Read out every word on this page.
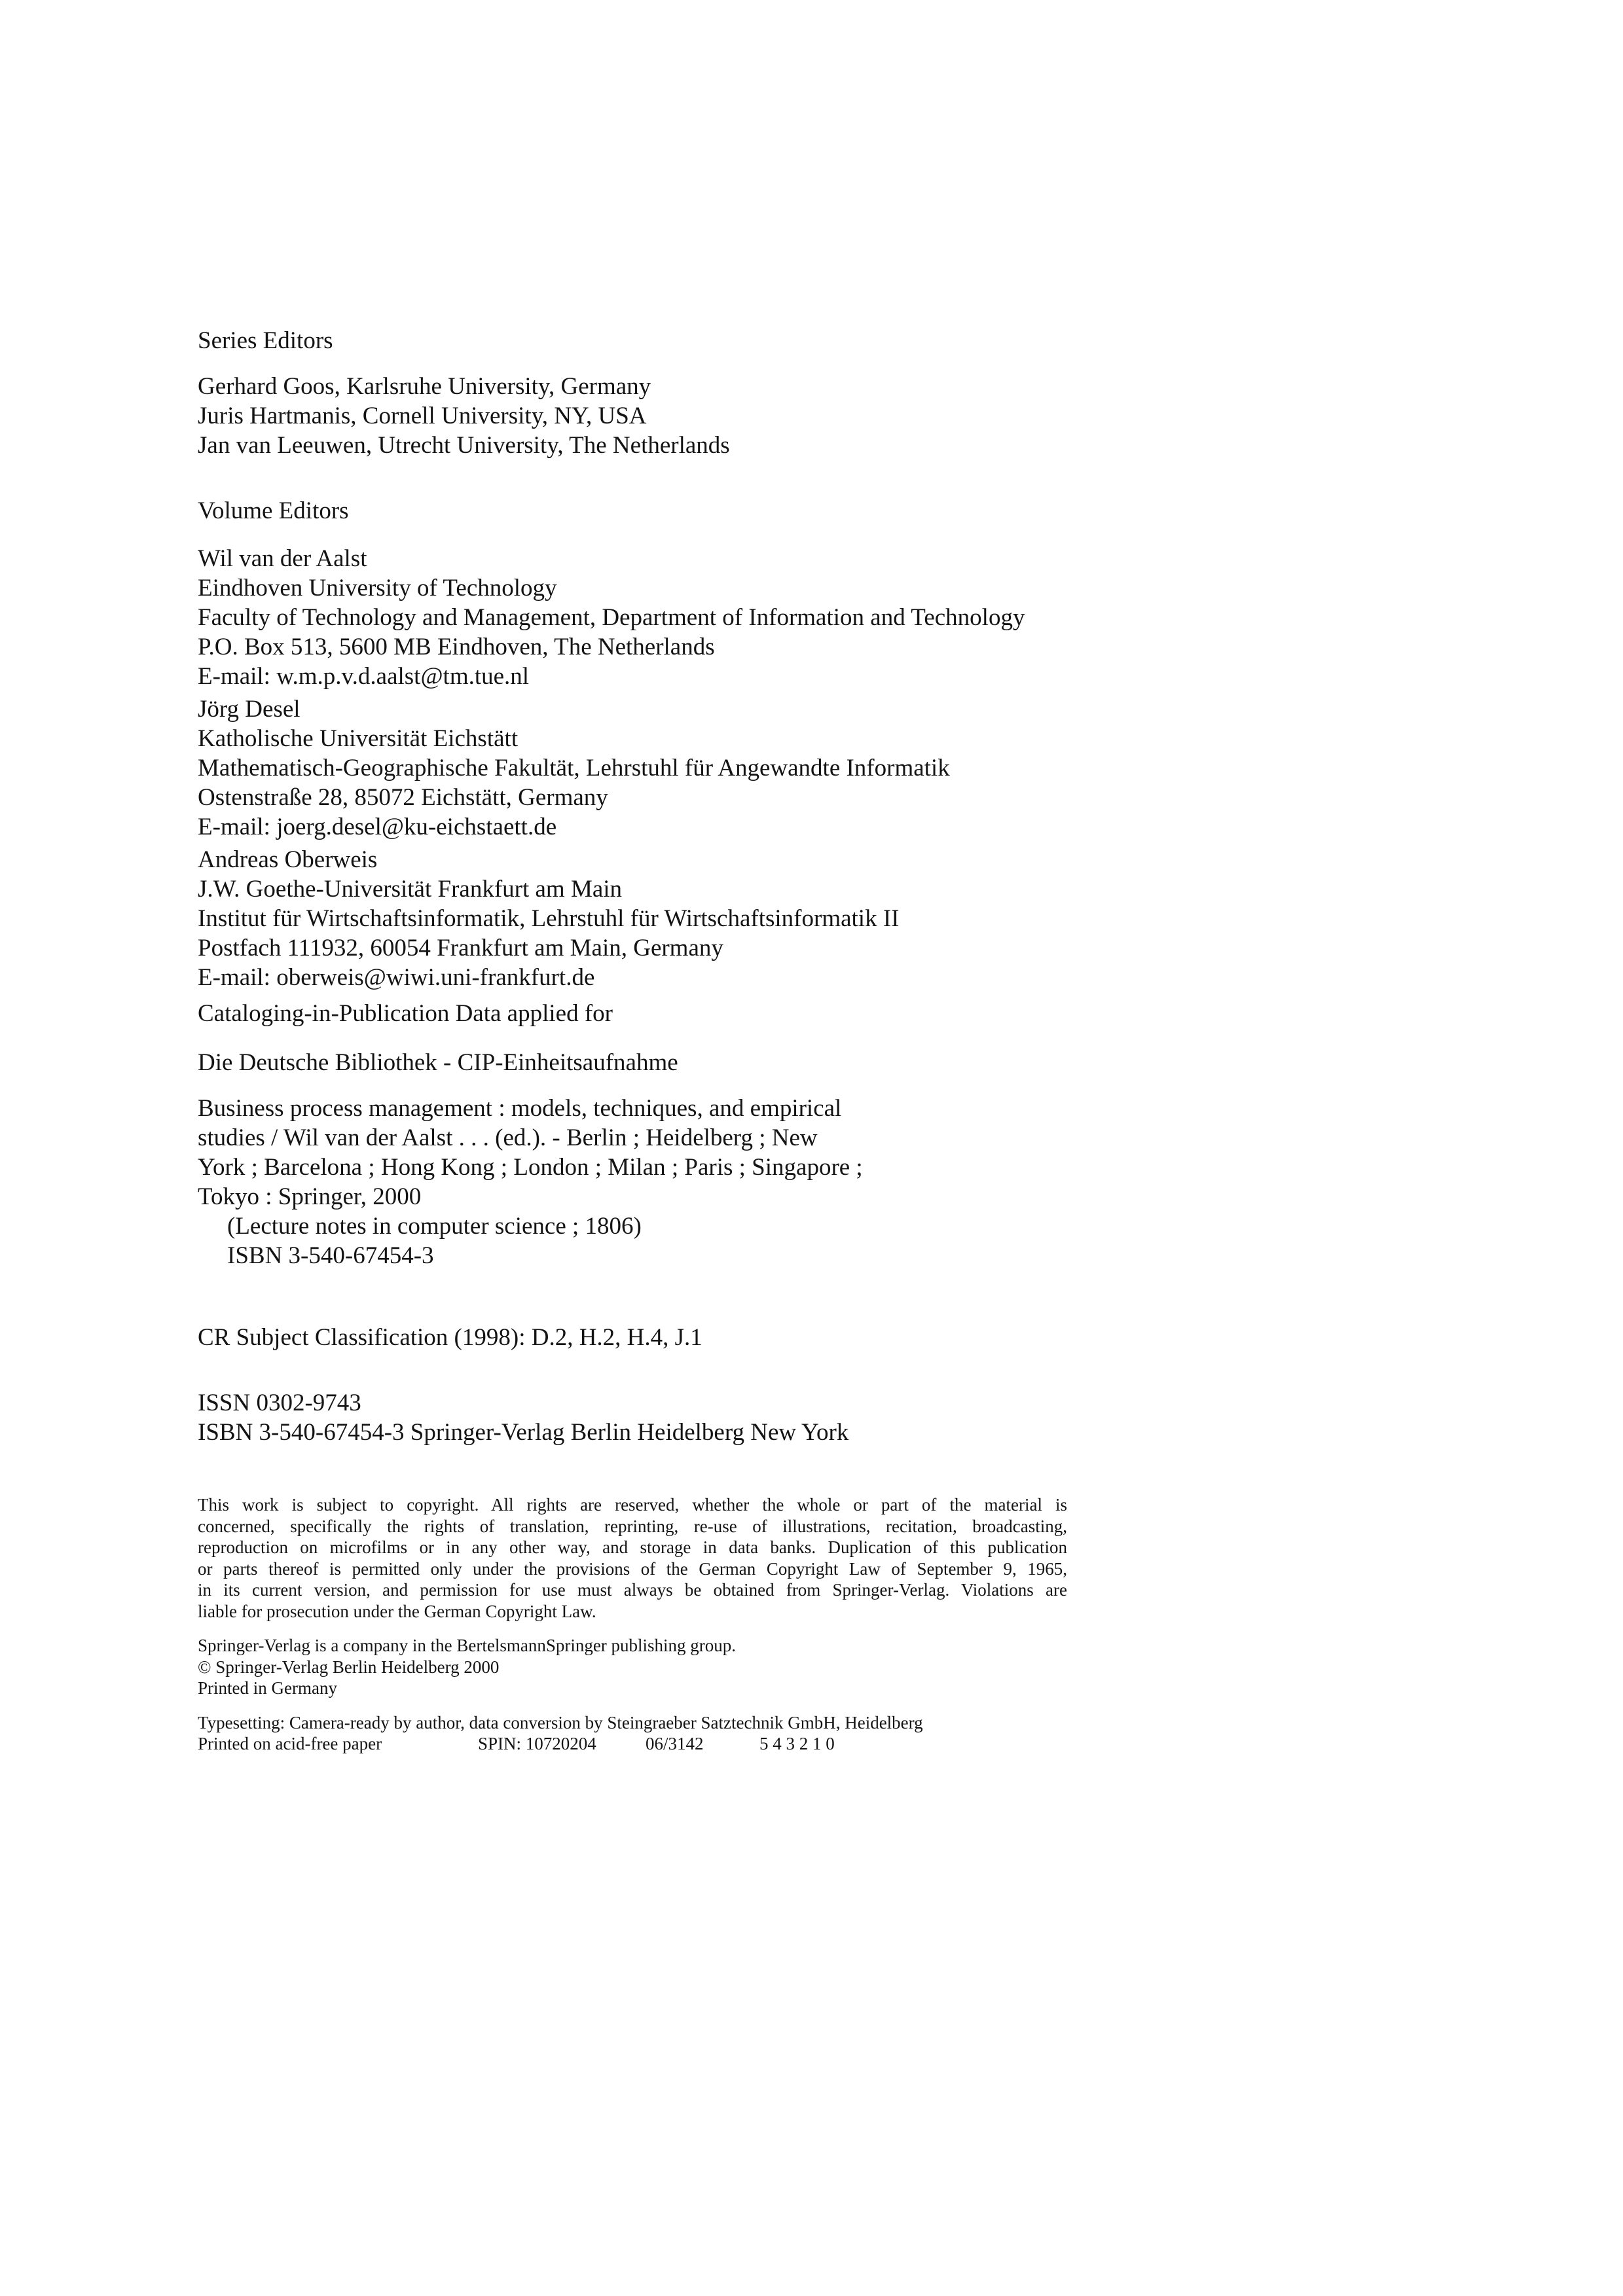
Series Editors
Gerhard Goos, Karlsruhe University, Germany
Juris Hartmanis, Cornell University, NY, USA
Jan van Leeuwen, Utrecht University, The Netherlands
Volume Editors
Wil van der Aalst
Eindhoven University of Technology
Faculty of Technology and Management, Department of Information and Technology
P.O. Box 513, 5600 MB Eindhoven, The Netherlands
E-mail: w.m.p.v.d.aalst@tm.tue.nl
Jörg Desel
Katholische Universität Eichstätt
Mathematisch-Geographische Fakultät, Lehrstuhl für Angewandte Informatik
Ostenstraße 28, 85072 Eichstätt, Germany
E-mail: joerg.desel@ku-eichstaett.de
Andreas Oberweis
J.W. Goethe-Universität Frankfurt am Main
Institut für Wirtschaftsinformatik, Lehrstuhl für Wirtschaftsinformatik II
Postfach 111932, 60054 Frankfurt am Main, Germany
E-mail: oberweis@wiwi.uni-frankfurt.de
Cataloging-in-Publication Data applied for
Die Deutsche Bibliothek - CIP-Einheitsaufnahme
Business process management : models, techniques, and empirical
studies / Wil van der Aalst . . . (ed.). - Berlin ; Heidelberg ; New
York ; Barcelona ; Hong Kong ; London ; Milan ; Paris ; Singapore ;
Tokyo : Springer, 2000
(Lecture notes in computer science ; 1806)
ISBN 3-540-67454-3
CR Subject Classification (1998): D.2, H.2, H.4, J.1
ISSN 0302-9743
ISBN 3-540-67454-3 Springer-Verlag Berlin Heidelberg New York
This work is subject to copyright. All rights are reserved, whether the whole or part of the material is
concerned, specifically the rights of translation, reprinting, re-use of illustrations, recitation, broadcasting,
reproduction on microfilms or in any other way, and storage in data banks. Duplication of this publication
or parts thereof is permitted only under the provisions of the German Copyright Law of September 9, 1965,
in its current version, and permission for use must always be obtained from Springer-Verlag. Violations are
liable for prosecution under the German Copyright Law.
Springer-Verlag is a company in the BertelsmannSpringer publishing group.
© Springer-Verlag Berlin Heidelberg 2000
Printed in Germany
Typesetting: Camera-ready by author, data conversion by Steingraeber Satztechnik GmbH, Heidelberg
Printed on acid-free paper	SPIN: 10720204	06/3142	5 4 3 2 1 0
